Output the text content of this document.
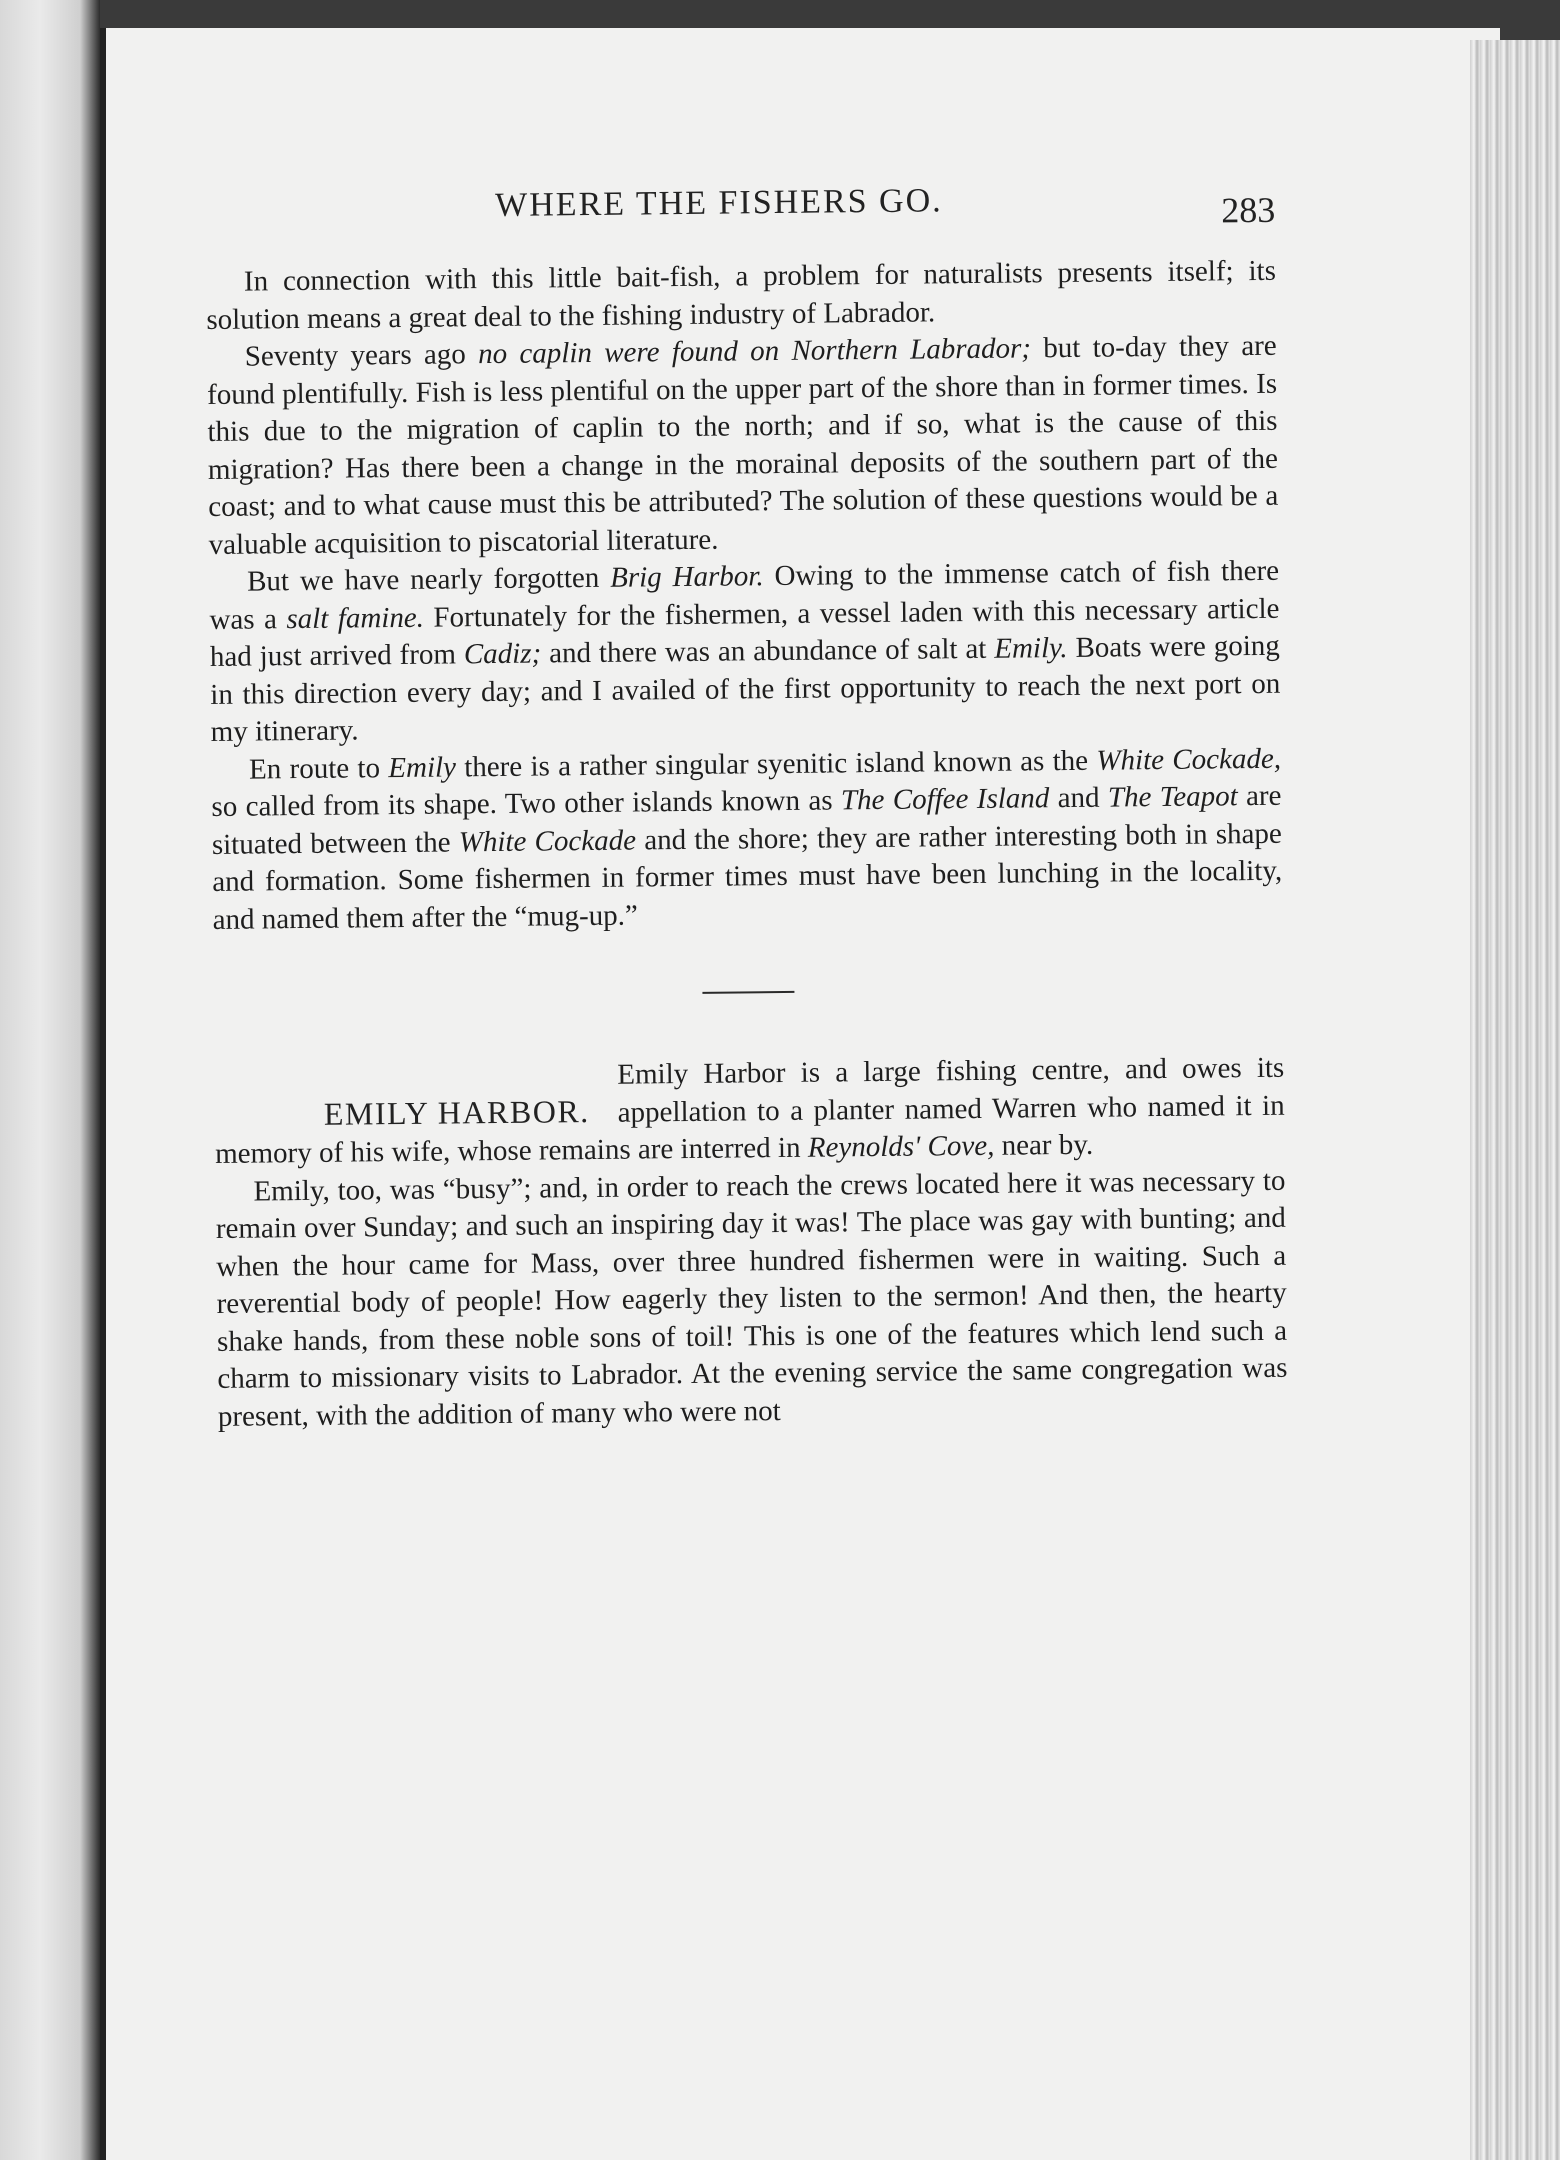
WHERE THE FISHERS GO.	283

In connection with this little bait-fish, a problem for naturalists presents itself; its solution means a great deal to the fishing industry of Labrador.

Seventy years ago no caplin were found on Northern Labrador; but to-day they are found plentifully. Fish is less plentiful on the upper part of the shore than in former times. Is this due to the migration of caplin to the north; and if so, what is the cause of this migration? Has there been a change in the morainal deposits of the southern part of the coast; and to what cause must this be attributed? The solution of these questions would be a valuable acquisition to piscatorial literature.

But we have nearly forgotten Brig Harbor. Owing to the immense catch of fish there was a salt famine. Fortunately for the fishermen, a vessel laden with this necessary article had just arrived from Cadiz; and there was an abundance of salt at Emily. Boats were going in this direction every day; and I availed of the first opportunity to reach the next port on my itinerary.

En route to Emily there is a rather singular syenitic island known as the White Cockade, so called from its shape. Two other islands known as The Coffee Island and The Teapot are situated between the White Cockade and the shore; they are rather interesting both in shape and formation. Some fishermen in former times must have been lunching in the locality, and named them after the “mug-up.”

EMILY HARBOR.

Emily Harbor is a large fishing centre, and owes its appellation to a planter named Warren who named it in memory of his wife, whose remains are interred in Reynolds' Cove, near by.

Emily, too, was “busy”; and, in order to reach the crews located here it was necessary to remain over Sunday; and such an inspiring day it was! The place was gay with bunting; and when the hour came for Mass, over three hundred fishermen were in waiting. Such a reverential body of people! How eagerly they listen to the sermon! And then, the hearty shake hands, from these noble sons of toil! This is one of the features which lend such a charm to missionary visits to Labrador. At the evening service the same congregation was present, with the addition of many who were not
